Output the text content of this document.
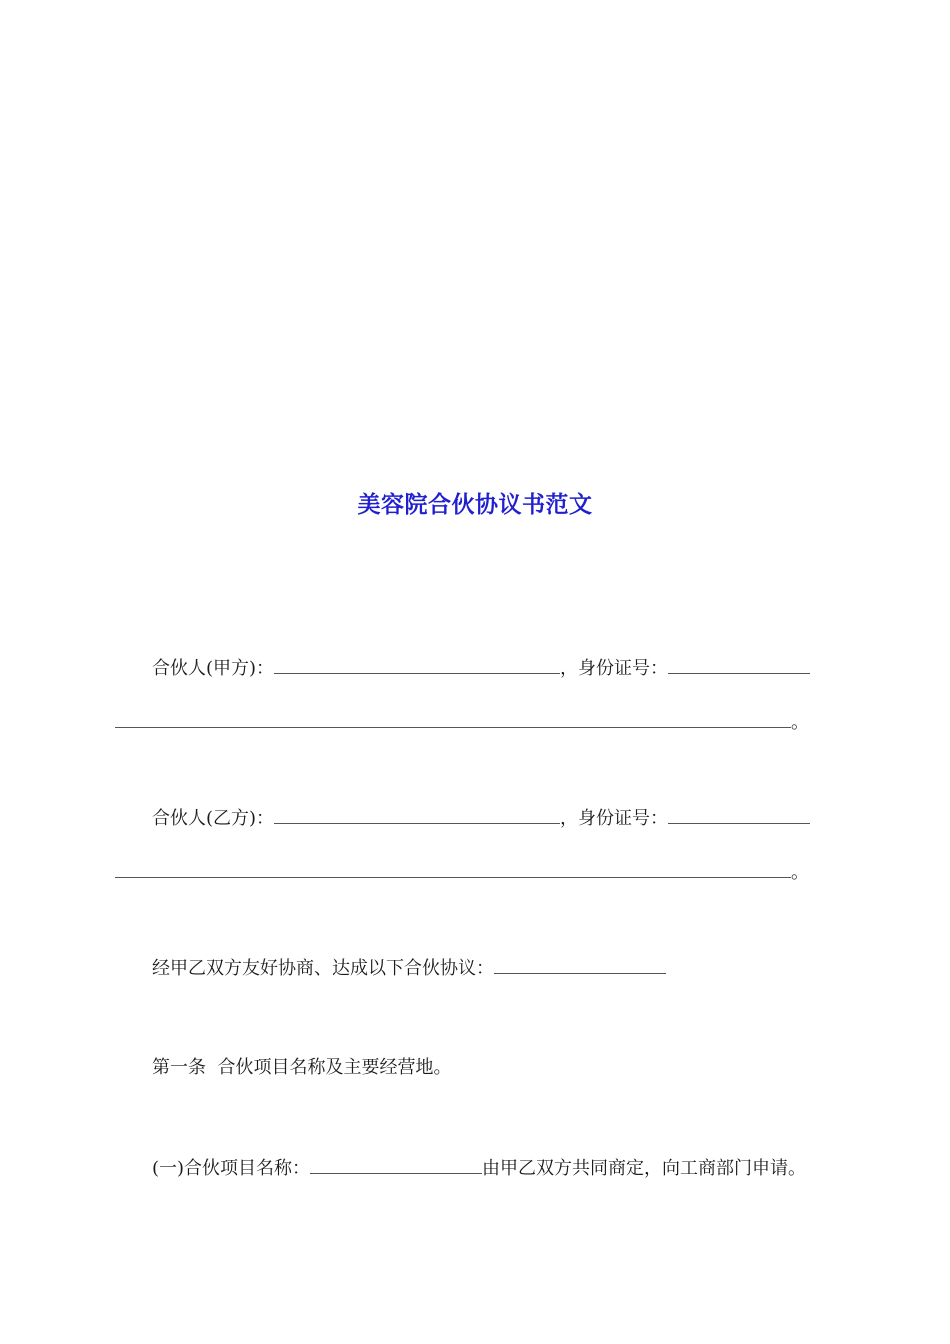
美容院合伙协议书范文
合伙人(甲方)：	，身份证号：
。
合伙人(乙方)：	，身份证号：
。
经甲乙双方友好协商、达成以下合伙协议：
第一条  合伙项目名称及主要经营地。
(一)合伙项目名称：	由甲乙双方共同商定，向工商部门申请。
